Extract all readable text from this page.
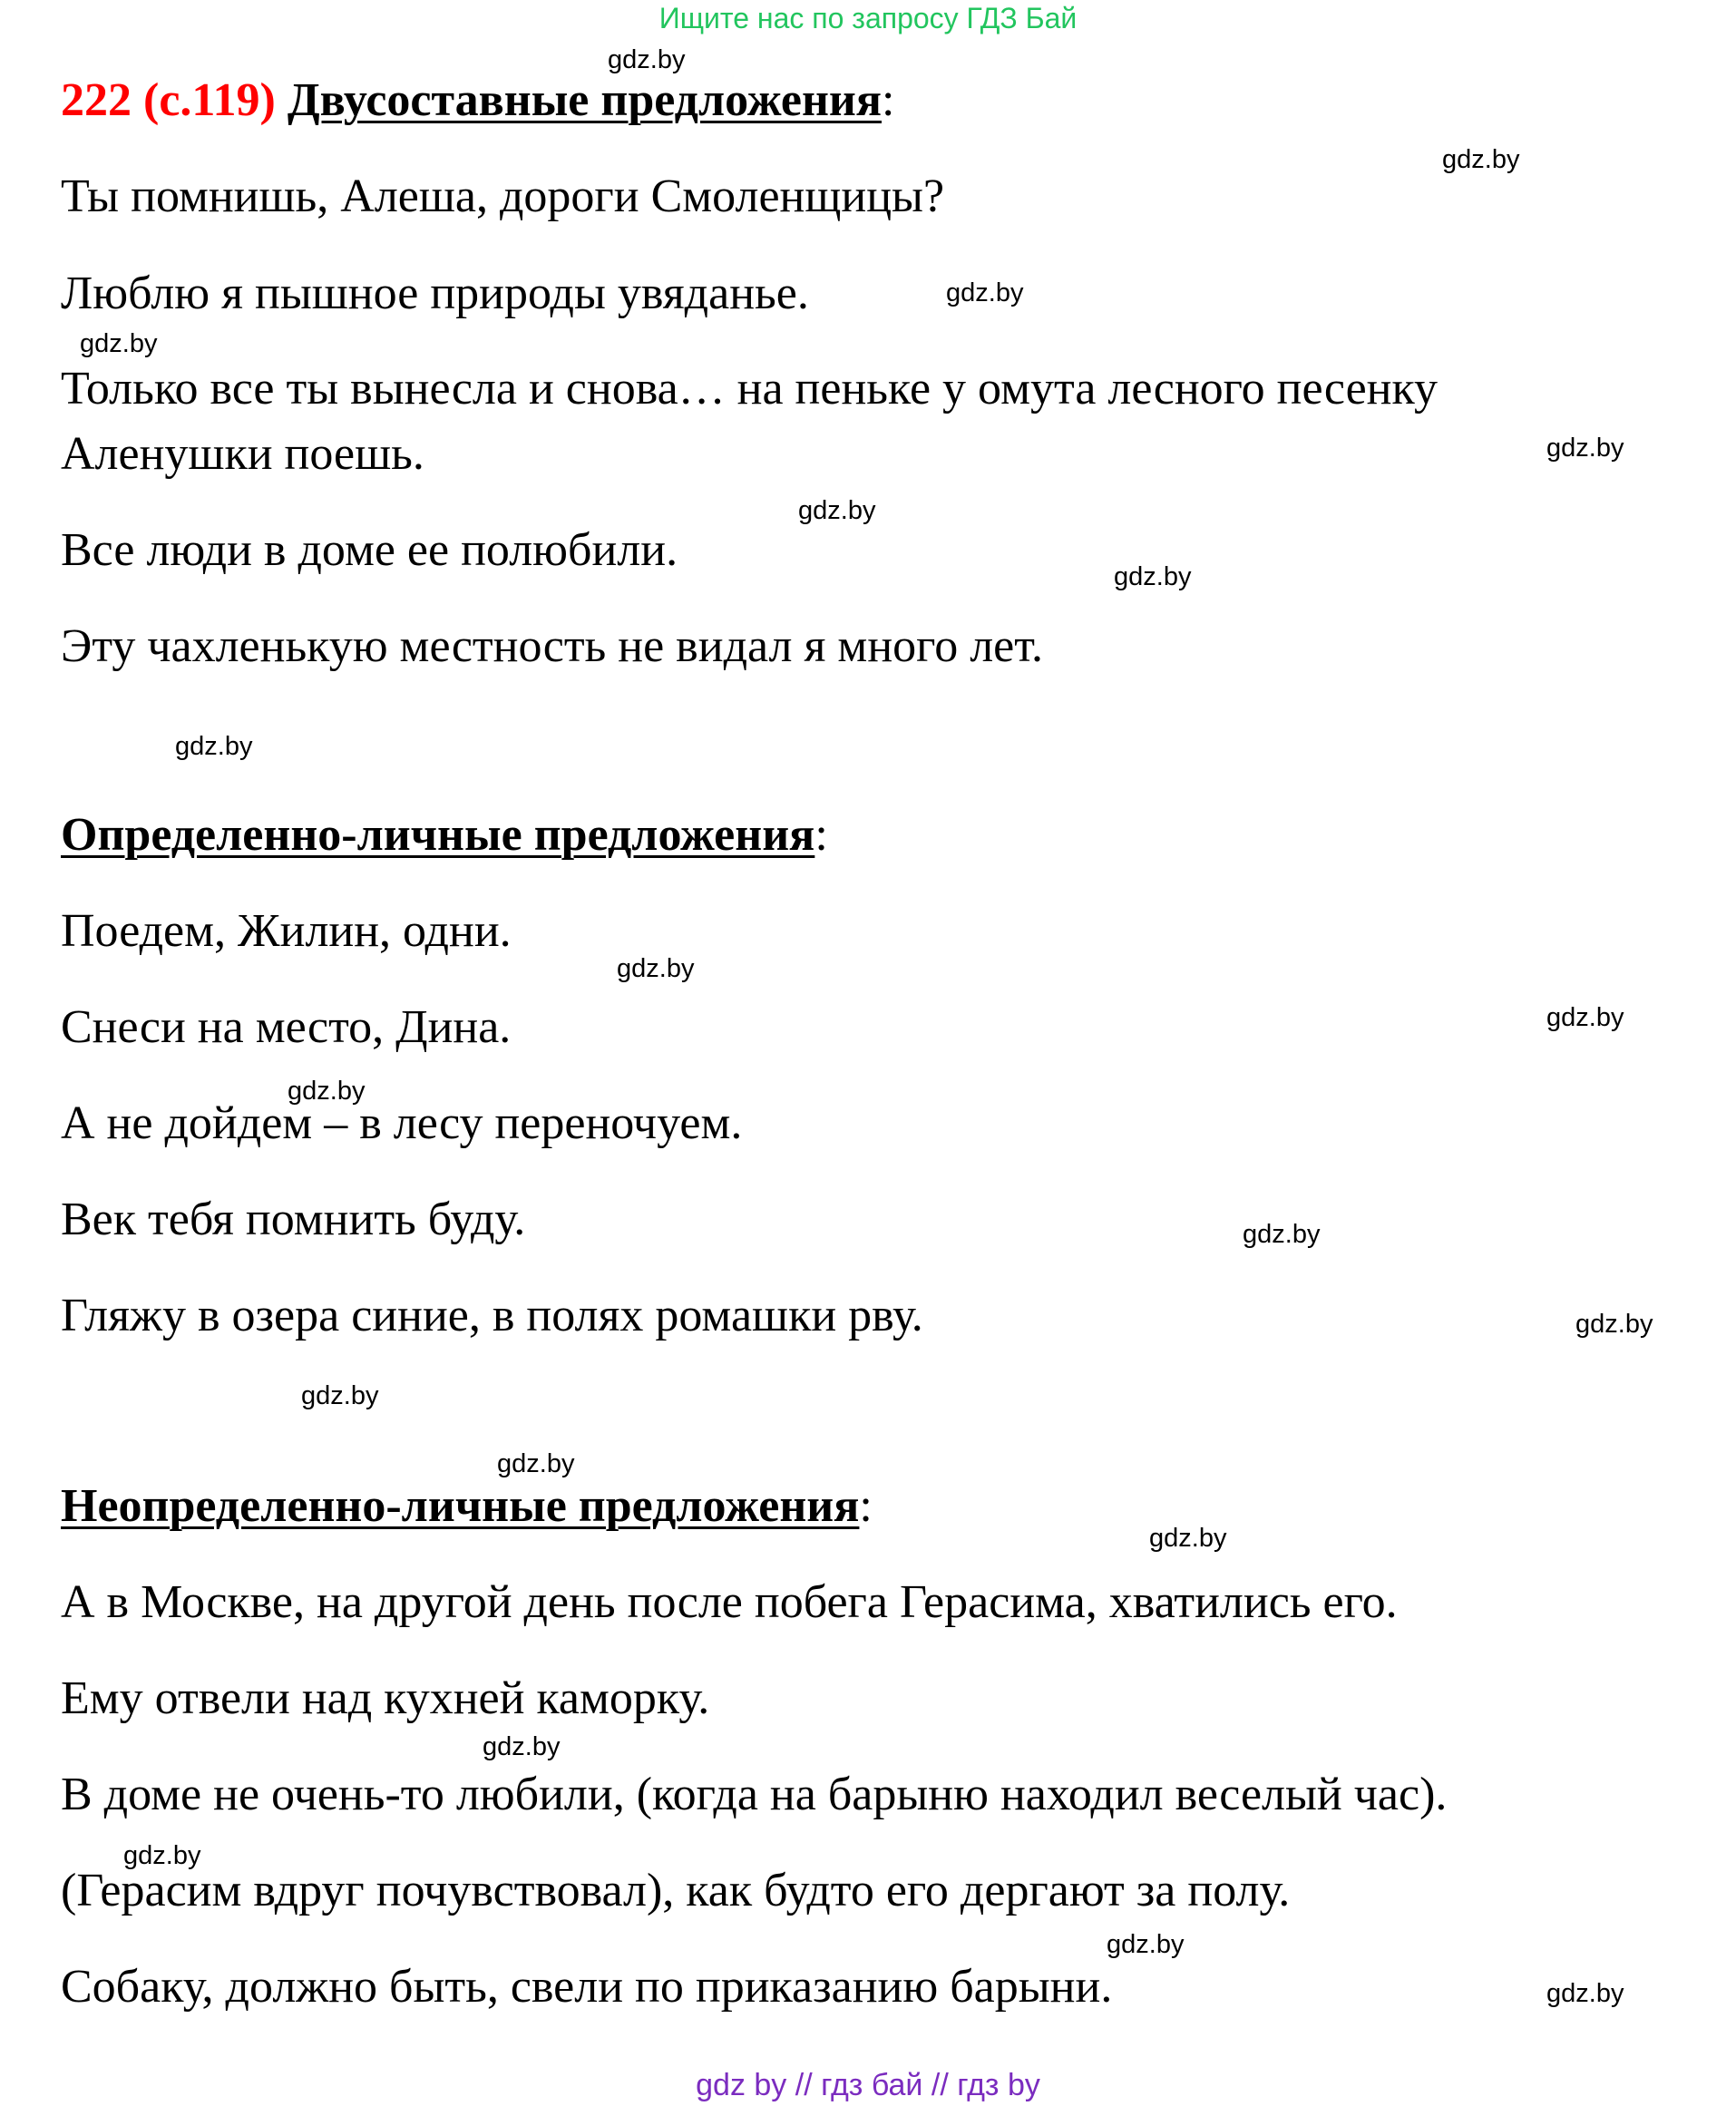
Ищите нас по запросу ГДЗ Бай
gdz.by
gdz.by
gdz.by
gdz.by
gdz.by
gdz.by
gdz.by
gdz.by
gdz.by
gdz.by
gdz.by
gdz.by
gdz.by
gdz.by
gdz.by
gdz.by
gdz.by
gdz.by
gdz.by
gdz.by
222 (с.119) Двусоставные предложения:
Ты помнишь, Алеша, дороги Смоленщицы?
Люблю я пышное природы увяданье.
Только все ты вынесла и снова… на пеньке у омута лесного песенку
Аленушки поешь.
Все люди в доме ее полюбили.
Эту чахленькую местность не видал я много лет.
Определенно-личные предложения:
Поедем, Жилин, одни.
Снеси на место, Дина.
А не дойдем – в лесу переночуем.
Век тебя помнить буду.
Гляжу в озера синие, в полях ромашки рву.
Неопределенно-личные предложения:
А в Москве, на другой день после побега Герасима, хватились его.
Ему отвели над кухней каморку.
В доме не очень-то любили, (когда на барыню находил веселый час).
(Герасим вдруг почувствовал), как будто его дергают за полу.
Собаку, должно быть, свели по приказанию барыни.
gdz by // гдз бай // гдз by
